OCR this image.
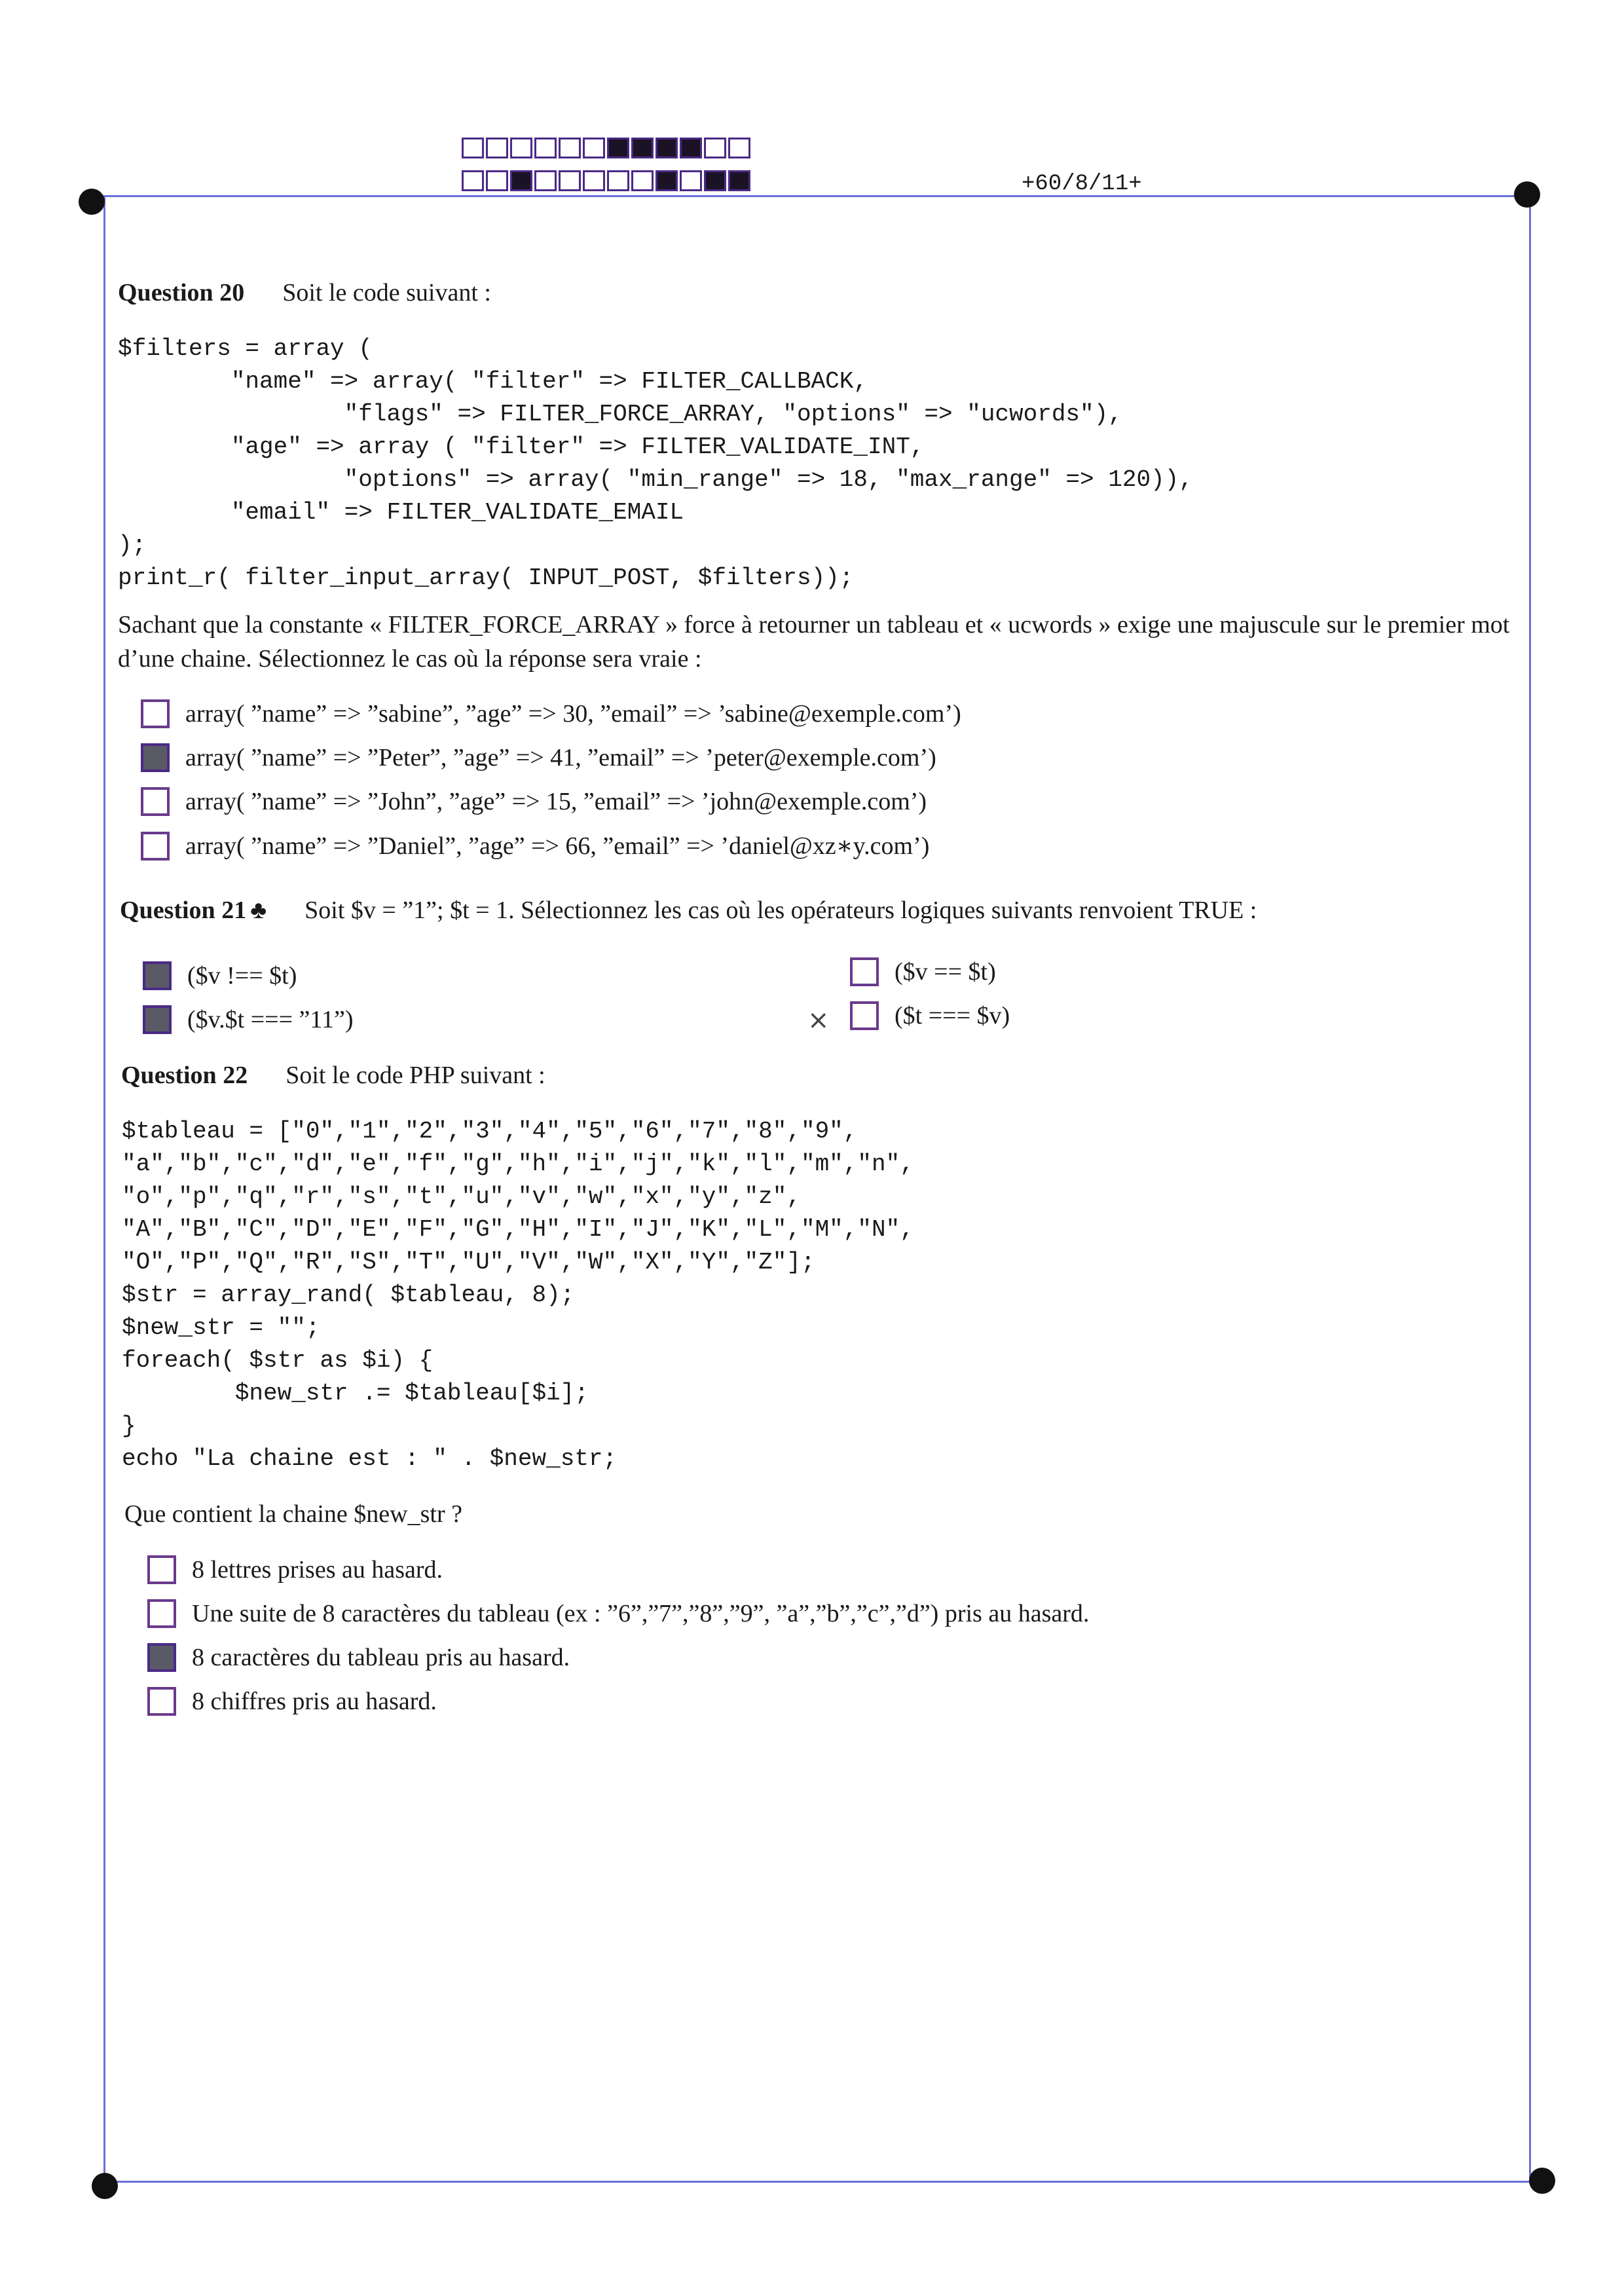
+60/8/11+
Question 20 Soit le code suivant :
$filters = array (
"name" => array( "filter" => FILTER_CALLBACK,
"flags" => FILTER_FORCE_ARRAY, "options" => "ucwords"),
"age" => array ( "filter" => FILTER_VALIDATE_INT,
"options" => array( "min_range" => 18, "max_range" => 120)),
"email" => FILTER_VALIDATE_EMAIL
);
print_r( filter_input_array( INPUT_POST, $filters));

Sachant que la constante « FILTER_FORCE_ARRAY » force à retourner un tableau et « ucwords » exige une majuscule sur le premier mot d’une chaine. Sélectionnez le cas où la réponse sera vraie :

array( ”name” => ”sabine”, ”age” => 30, ”email” => ’sabine@exemple.com’)
array( ”name” => ”Peter”, ”age” => 41, ”email” => ’peter@exemple.com’)
array( ”name” => ”John”, ”age” => 15, ”email” => ’john@exemple.com’)
array( ”name” => ”Daniel”, ”age” => 66, ”email” => ’daniel@xz∗y.com’)
Question 21 ♣ Soit $v = ”1”; $t = 1. Sélectionnez les cas où les opérateurs logiques suivants renvoient TRUE :
($v !== $t)	($v == $t)
($v.$t === ”11”)	($t === $v)
×
Question 22 Soit le code PHP suivant :
$tableau = ["0","1","2","3","4","5","6","7","8","9",
"a","b","c","d","e","f","g","h","i","j","k","l","m","n",
"o","p","q","r","s","t","u","v","w","x","y","z",
"A","B","C","D","E","F","G","H","I","J","K","L","M","N",
"O","P","Q","R","S","T","U","V","W","X","Y","Z"];
$str = array_rand( $tableau, 8);
$new_str = "";
foreach( $str as $i) {
$new_str .= $tableau[$i];
}
echo "La chaine est : " . $new_str;

Que contient la chaine $new_str ?

8 lettres prises au hasard.
Une suite de 8 caractères du tableau (ex : ”6”,”7”,”8”,”9”, ”a”,”b”,”c”,”d”) pris au hasard.
8 caractères du tableau pris au hasard.
8 chiffres pris au hasard.
